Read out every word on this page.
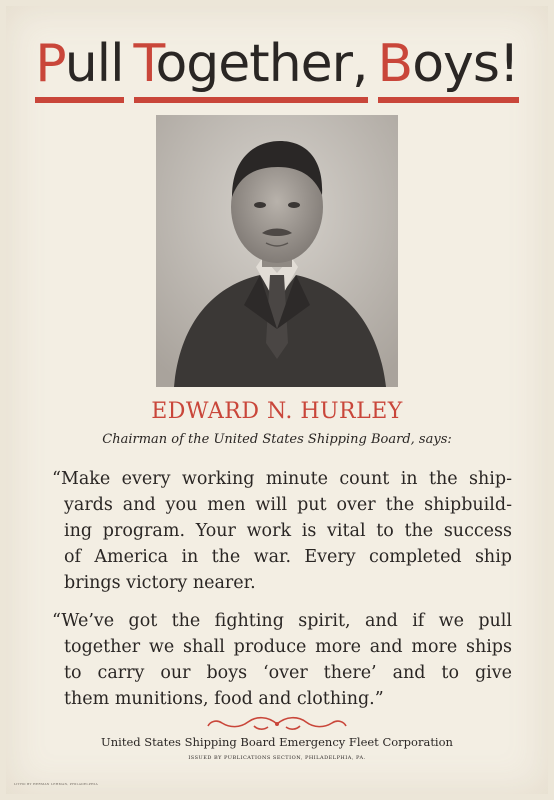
Pull Together, Boys!
EDWARD N. HURLEY
Chairman of the United States Shipping Board, says:
“Make every working minute count in the ship-
yards and you men will put over the shipbuild-
ing program. Your work is vital to the success
of America in the war. Every completed ship
brings victory nearer.
“We’ve got the fighting spirit, and if we pull
together we shall produce more and more ships
to carry our boys ‘over there’ and to give
them munitions, food and clothing.”
United States Shipping Board Emergency Fleet Corporation
ISSUED BY PUBLICATIONS SECTION, PHILADELPHIA, PA.
LITHO BY HERMAN LEHMAN, PHILADELPHIA
